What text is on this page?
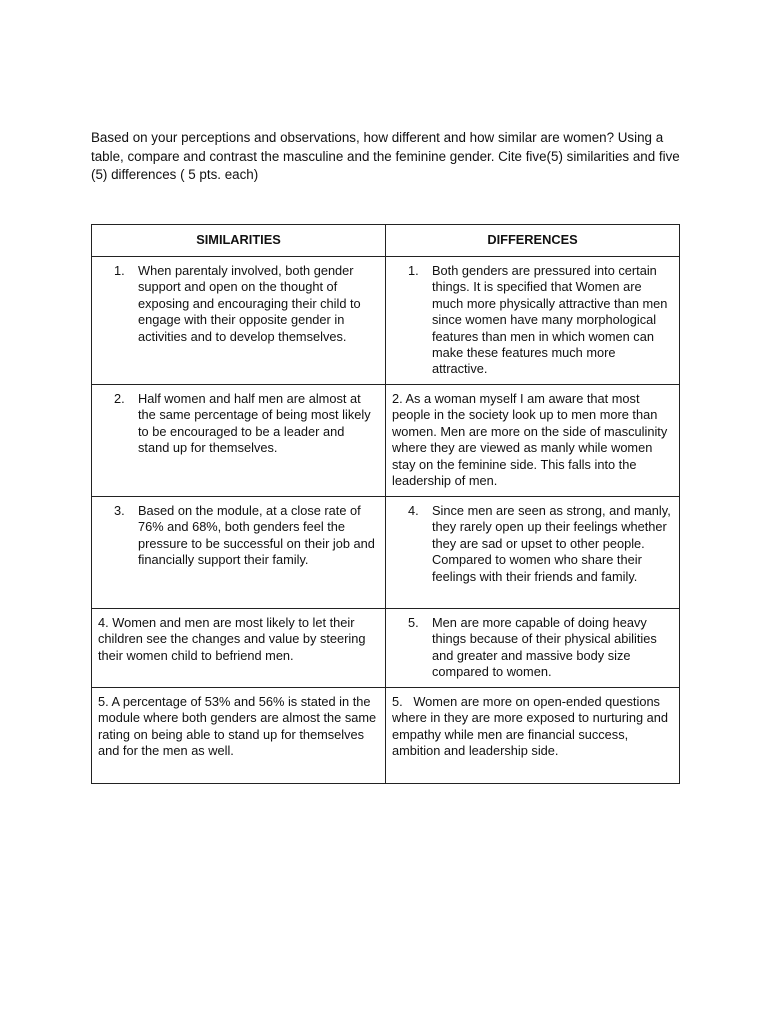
Based on your perceptions and observations, how different and how similar are women? Using a table, compare and contrast the masculine and the feminine gender. Cite five(5) similarities and five (5) differences ( 5 pts. each)

SIMILARITIES	DIFFERENCES

1. When parentaly involved, both gender support and open on the thought of exposing and encouraging their child to engage with their opposite gender in activities and to develop themselves.	1. Both genders are pressured into certain things. It is specified that Women are much more physically attractive than men since women have many morphological features than men in which women can make these features much more attractive.

2. Half women and half men are almost at the same percentage of being most likely to be encouraged to be a leader and stand up for themselves.	2. As a woman myself I am aware that most people in the society look up to men more than women. Men are more on the side of masculinity where they are viewed as manly while women stay on the feminine side. This falls into the leadership of men.

3. Based on the module, at a close rate of 76% and 68%, both genders feel the pressure to be successful on their job and financially support their family.	4. Since men are seen as strong, and manly, they rarely open up their feelings whether they are sad or upset to other people. Compared to women who share their feelings with their friends and family.

4. Women and men are most likely to let their children see the changes and value by steering their women child to befriend men.	5. Men are more capable of doing heavy things because of their physical abilities and greater and massive body size compared to women.

5. A percentage of 53% and 56% is stated in the module where both genders are almost the same rating on being able to stand up for themselves and for the men as well.	5.   Women are more on open-ended questions where in they are more exposed to nurturing and empathy while men are financial success, ambition and leadership side.
